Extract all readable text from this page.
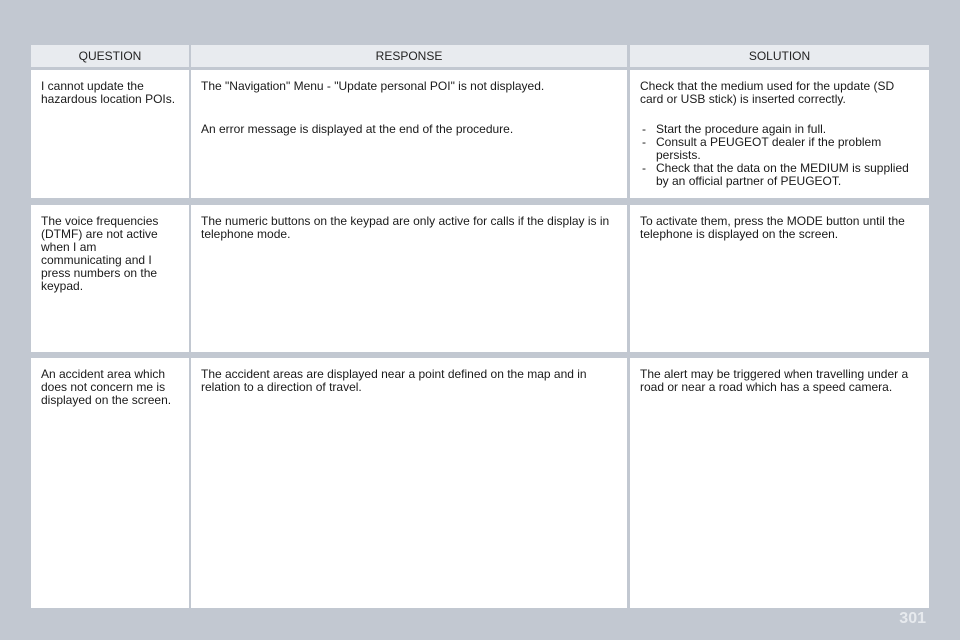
QUESTION	RESPONSE	SOLUTION

I cannot update the hazardous location POIs.

The "Navigation" Menu - "Update personal POI" is not displayed.

An error message is displayed at the end of the procedure.

Check that the medium used for the update (SD card or USB stick) is inserted correctly.

- Start the procedure again in full.
- Consult a PEUGEOT dealer if the problem persists.
- Check that the data on the MEDIUM is supplied by an official partner of PEUGEOT.

The voice frequencies (DTMF) are not active when I am communicating and I press numbers on the keypad.

The numeric buttons on the keypad are only active for calls if the display is in telephone mode.

To activate them, press the MODE button until the telephone is displayed on the screen.

An accident area which does not concern me is displayed on the screen.

The accident areas are displayed near a point defined on the map and in relation to a direction of travel.

The alert may be triggered when travelling under a road or near a road which has a speed camera.

301
